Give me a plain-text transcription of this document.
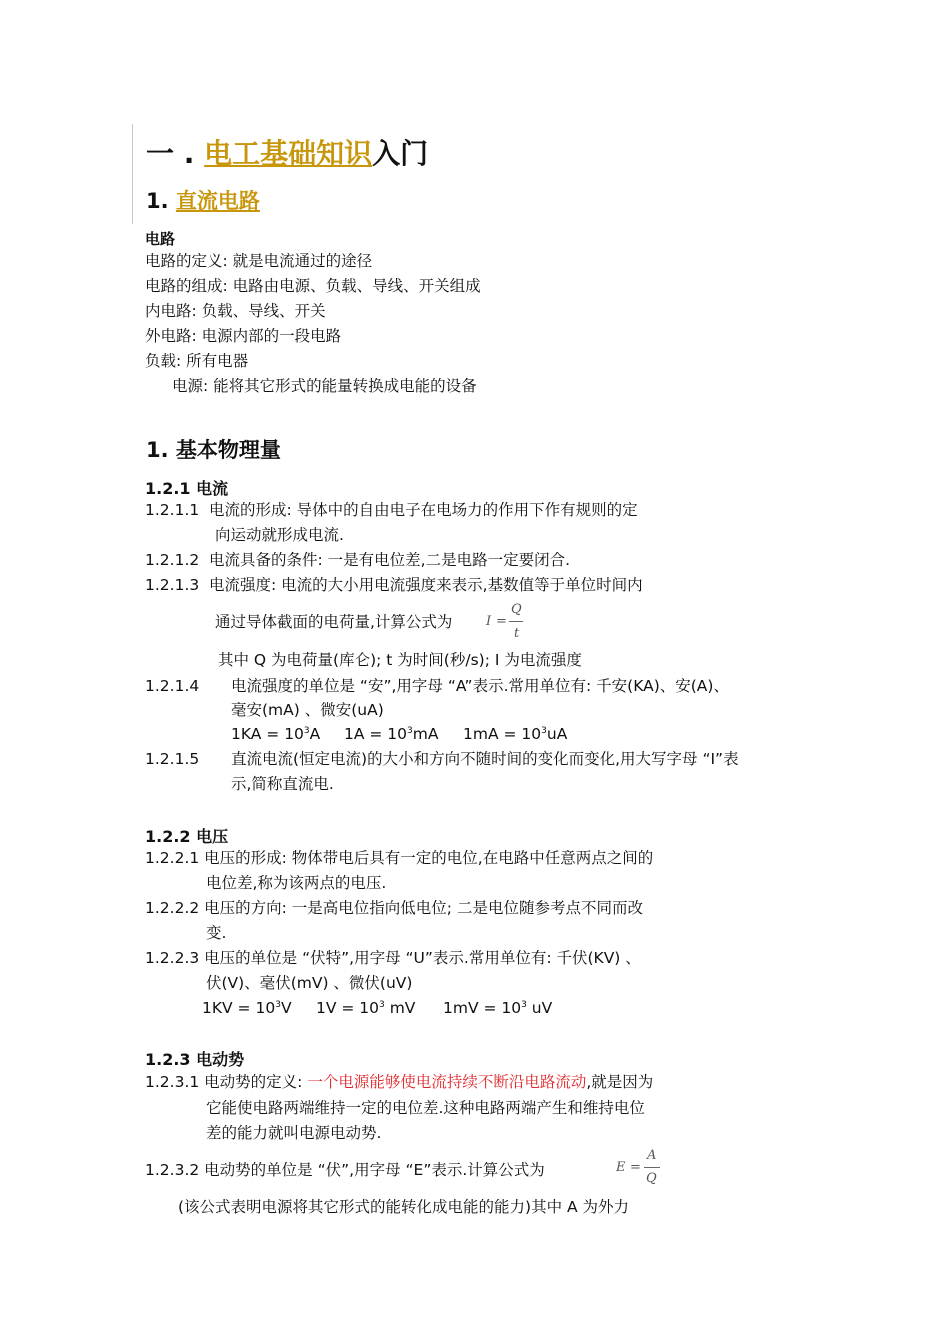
一 . 电工基础知识入门
1. 直流电路
电路
电路的定义: 就是电流通过的途径
电路的组成: 电路由电源、负载、导线、开关组成
内电路: 负载、导线、开关
外电路: 电源内部的一段电路
负载: 所有电器
电源: 能将其它形式的能量转换成电能的设备
1. 基本物理量
1.2.1 电流
1.2.1.1 电流的形成: 导体中的自由电子在电场力的作用下作有规则的定
向运动就形成电流.
1.2.1.2 电流具备的条件: 一是有电位差,二是电路一定要闭合.
1.2.1.3 电流强度: 电流的大小用电流强度来表示,基数值等于单位时间内
通过导体截面的电荷量,计算公式为	I =
Q
t
其中 Q 为电荷量(库仑); t 为时间(秒/s); I 为电流强度
1.2.1.4 电流强度的单位是 “安”,用字母 “A”表示.常用单位有: 千安(KA)、安(A)、
毫安(mA) 、微安(uA)
$1KA = 10^3A$ $1A = 10^3mA$ $1mA = 10^3uA$
1.2.1.5 直流电流(恒定电流)的大小和方向不随时间的变化而变化,用大写字母 “I”表
示,简称直流电.
1.2.2 电压
1.2.2.1 电压的形成: 物体带电后具有一定的电位,在电路中任意两点之间的
电位差,称为该两点的电压.
1.2.2.2 电压的方向: 一是高电位指向低电位; 二是电位随参考点不同而改
变.
1.2.2.3 电压的单位是 “伏特”,用字母 “U”表示.常用单位有: 千伏(KV) 、
伏(V)、毫伏(mV) 、微伏(uV)
$1KV = 10^3V$ $1V = 10^3$ mV $1mV = 10^3$ uV
1.2.3 电动势
1.2.3.1 电动势的定义: 一个电源能够使电流持续不断沿电路流动,就是因为
它能使电路两端维持一定的电位差.这种电路两端产生和维持电位
差的能力就叫电源电动势.
1.2.3.2 电动势的单位是 “伏”,用字母 “E”表示.计算公式为	E =
A
Q
(该公式表明电源将其它形式的能转化成电能的能力)其中 A 为外力
